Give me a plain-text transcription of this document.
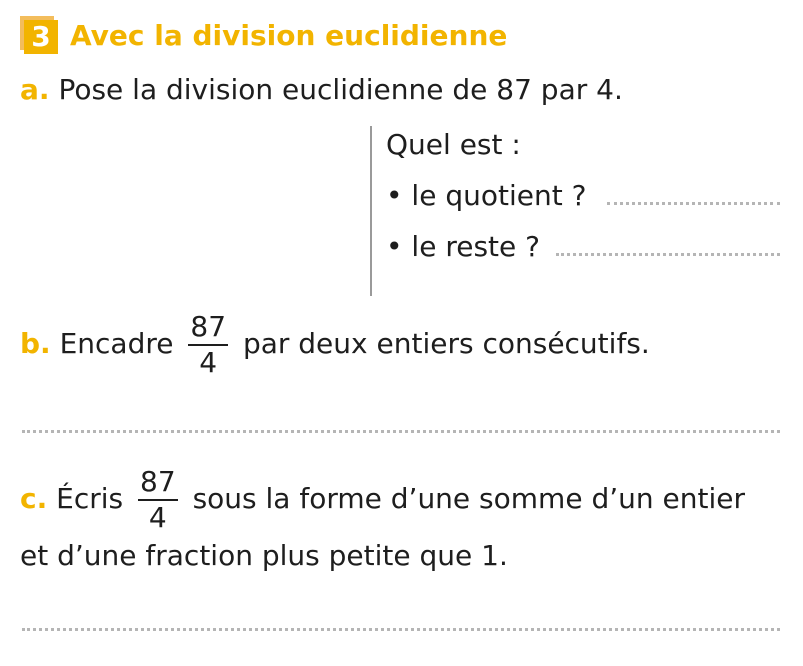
3 Avec la division euclidienne
a. Pose la division euclidienne de 87 par 4.
Quel est :
• le quotient ?
• le reste ?
b. Encadre $\frac{87}{4}$ par deux entiers consécutifs.
c. Écris $\frac{87}{4}$ sous la forme d’une somme d’un entier
et d’une fraction plus petite que 1.
